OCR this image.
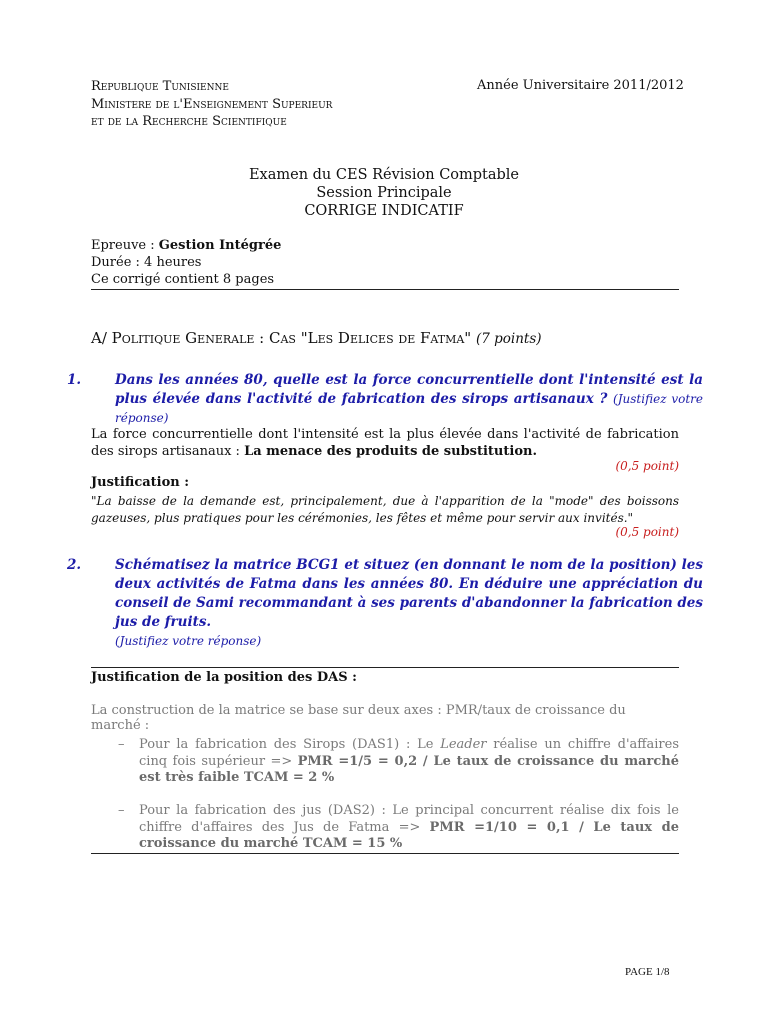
Republique Tunisienne
Ministere de l'Enseignement Superieur
et de la Recherche Scientifique
Année Universitaire 2011/2012
Examen du CES Révision Comptable
Session Principale
CORRIGE INDICATIF
Epreuve : Gestion Intégrée
Durée : 4 heures
Ce corrigé contient 8 pages
A/ Politique Generale : Cas "Les Delices de Fatma" (7 points)
1.	Dans les années 80, quelle est la force concurrentielle dont l'intensité est la plus élevée dans l'activité de fabrication des sirops artisanaux ? (Justifiez votre réponse)
La force concurrentielle dont l'intensité est la plus élevée dans l'activité de fabrication des sirops artisanaux : La menace des produits de substitution.
(0,5 point)
Justification :
"La baisse de la demande est, principalement, due à l'apparition de la "mode" des boissons gazeuses, plus pratiques pour les cérémonies, les fêtes et même pour servir aux invités."
(0,5 point)
2.	Schématisez la matrice BCG1 et situez (en donnant le nom de la position) les deux activités de Fatma dans les années 80. En déduire une appréciation du conseil de Sami recommandant à ses parents d'abandonner la fabrication des jus de fruits.
(Justifiez votre réponse)
Justification de la position des DAS :
La construction de la matrice se base sur deux axes : PMR/taux de croissance du marché :
– Pour la fabrication des Sirops (DAS1) : Le Leader réalise un chiffre d'affaires cinq fois supérieur => PMR =1/5 = 0,2 / Le taux de croissance du marché est très faible TCAM = 2 %
– Pour la fabrication des jus (DAS2) : Le principal concurrent réalise dix fois le chiffre d'affaires des Jus de Fatma => PMR =1/10 = 0,1 / Le taux de croissance du marché TCAM = 15 %
PAGE 1/8
